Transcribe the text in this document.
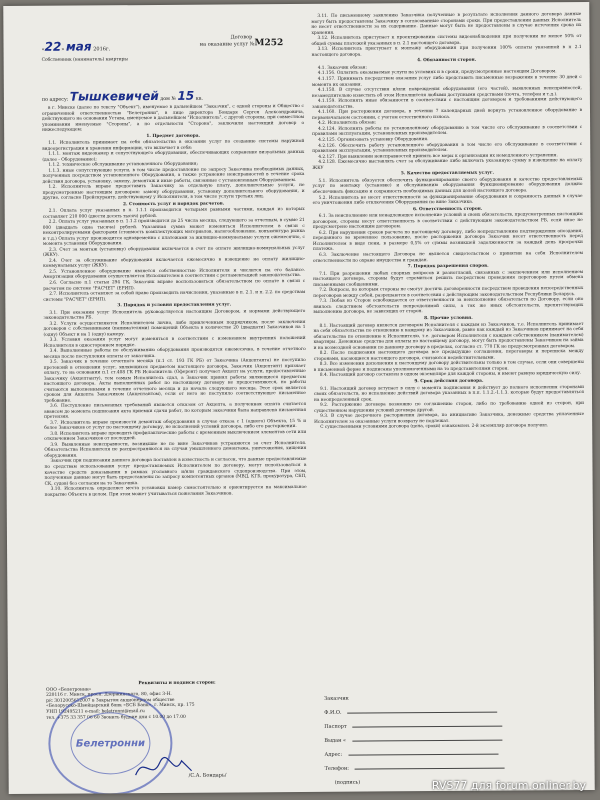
«22» мая 2016г.
Договор
на оказание услуг №М252
Собственник (наниматель) квартиры
по адресу: Тышкевичей дом № 15 кв.

в г. Минске (далее по тексту "Объект"), именуемое в дальнейшем "Заказчик", с одной стороны и Общество с ограниченной ответственностью "Белетронни", в лице директора Бондаря Сергея Александровича, действующего на основании Устава, именуемое в дальнейшем "Исполнитель", с другой стороны, при совместном упоминании именуемые "Стороны", а по отдельности "Сторона", заключили настоящий договор о нижеследующем:

1. Предмет договора.

1.1. Исполнитель принимает на себя обязательства в оказании услуг по созданию системы наружной видеорегистрации и хранения информации, что включает в себя:

1.1.1. монтаж видеокамер и сопутствующего оборудования, обеспечивающих сохранение визуальных данных (далее - Оборудование);

1.1.2. техническое обслуживание установленного Оборудования;

1.1.3. иные сопутствующие услуги, в том числе предоставление по запросу Заказчика необходимых данных, полученных посредством установленного Оборудования, а также устранение неисправностей в течение срока действия договора, установку, замену, демонтаж и иные работы, связанные с установленным Оборудованием.

1.2. Исполнитель вправе предоставить Заказчику за отдельную плату, дополнительные услуги, не предусмотренные настоящим договором: замену оборудования, установку дополнительного оборудования, и другие, согласно Прейскуранту, действующему у Исполнителя, в том числе услуги третьих лиц.

2. Стоимость услуг и порядок расчетов.

2.1. Оплата услуг указанных в п. 1.1.1 производится четырьмя равными частями, каждая из которых составляет 210 000 (двести десять тысяч) рублей.

2.2. Оплата услуг указанных в п. 1.1.2 производится до 25 числа месяца, следующего за отчетным, в сумме 21 000 (двадцать одна тысяча) рублей. Указанная сумма может изменяться Исполнителем в связи с неконтролируемыми факторами (стоимость комплектующих материалов, налогообложение, конъюнктура рынка и т.д.) Оплата услуг производится одновременно с платежами за жилищно-коммунальные услуги ежемесячно, с момента установки Оборудования.

2.3. Счет за монтаж (установку) оборудования включается в счет по оплате жилищно-коммунальных услуг (ЖКУ).

2.4. Счет за обслуживание оборудования включается ежемесячно в извещение на оплату жилищно-коммунальных услуг (ЖКУ).

2.5. Установленное оборудование является собственностью Исполнителя и числится на его балансе. Амортизация оборудования осуществляется Исполнителем в соответствии с регламентацией законодательства.

2.6. Согласно п.1 статьи 294 ГК, Заказчик вправе воспользоваться обязательством по оплате в связи с расчетом по системе "РАСЧЕТ" (ЕРИП).

2.7. Исполнитель оставляет за собой право производить начисления, указанные в п. 2.1. и п. 2.2. по средствам системы "РАСЧЕТ" (ЕРИП).

3. Порядок и условия предоставления услуг.

3.1. При оказании услуг Исполнитель руководствуется настоящим Договором, и нормами действующего законодательства РБ.

3.2. Услуги осуществляются Исполнителем лично, либо привлеченным подрядчиком, после заключения договоров с собственниками (нанимателями) помещений Объекта в количестве 20 (двадцати) Заказчиков на 1 (одну) Объект и на 1 (одну) камеру.

3.3. Условия оказания услуг могут изменяться в соответствии с изменением внутренних положений Исполнителя в одностороннем порядке.

3.4. Выполненные работы по обслуживанию оборудования производятся ежемесячно, в течение отчетного месяца после поступления оплаты от заказчика.

3.5. Заказчик в течение отчетного месяца (п.1 ст. 193 ГК РБ) от Заказчика (Акцептанта) не поступило претензий в отношении услуг, являющихся предметом настоящего договора, Заказчик (Акцептант) признает оплату, то на основании п.1 ст.408 ГК РБ Исполнитель (Оферент) получает Акцепт на услуги, предоставленные Заказчику (Акцептанту), тем самым Исполнитель сдал, а Заказчик принял работы являющиеся предметом настоящего договора. Акты выполненных работ по настоящему договору не предоставляются, но работы считаются выполненными в течение отчетного месяца и до начала следующего месяца. Этот срок является сроком для Акцепта Заказчиком (Акцептантом), если от него не поступило соответствующее письменное требование.

3.6. Поступление письменных требований является отказом от Акцепта, а полученная оплата считается авансом до момента подписания акта приемки сдачи работ, по которым заказчики была направлена письменная претензия.

3.7. Исполнитель вправе произвести демонтаж оборудования в случае отказа с 1 (одного) Объекта, 15 % и более Заказчиков от услуг по настоящему договору, не исполнений условий договора, либо его расторжении.

3.8. Исполнитель вправе проводить профилактические работы с временным выключением элементов сети или отключением Заказчиков от последней.

3.9. Выявленные неисправности, возникшие не по вине Заказчиков устраняются за счет Исполнителя. Обязательства Исполнителя не распространяются на случаи умышленного демонтажа, уничтожения, хищения оборудования.

Заказчик при подписании данного договора поставлен в известность и согласен, что данные предоставляемые по средствам использования услуг предоставляемых Исполнителем по договору, могут использоваться в качестве средств доказывания в рамках уголовного и/или гражданского судопроизводства. При этом, полученные данные могут быть предоставлены по запросу компетентных органов (МВД, КГБ, прокуратура, СБП, СК, судов) без согласия на то Заказчика.

3.10. Исполнитель определяет места установки камер самостоятельно и ориентируется на максимальное покрытие Объекта в целом. При этом может учитываться пожелания Заказчиков.

3.11. По письменному заявлению Заказчика полученные в результате исполнения данного договора данные могут быть предоставлены Заказчику в согласованные сторонами сроки. При предоставлении данных Исполнитель не несет ответственности за их содержание. Данные могут быть не предоставлены в случае истечения срока их хранения.

3.12. Исполнитель приступает к проектированию системы видеонаблюдения при получении не менее 50% от общей суммы платежей указанных в п. 2.1 настоящего договора.

3.13. Исполнитель приступает к монтажу оборудования при получении 100% оплаты указанной в п 2.1 настоящего договора.

4. Обязанности сторон.

4.1. Заказчик обязан:

4.1.156. Оплатить оказываемые услуги на условиях и в сроки, предусмотренные настоящим Договором.

4.1.157. Принимать посредством оказания услуг либо представить письменные возражения в течение 30 дней с момента их оказания.

4.1.158. В случае отсутствия и/или повреждения оборудования (его частей), выявленных неисправностей, незамедлительно известить об этом Исполнителя любыми доступными средствами (почта, телефон и т.д.).

4.1.159. Исполнять иные обязанности в соответствии с настоящим договором и требованиями действующего законодательства.

4.1.160. При расторжении договора, в течении 7 календарных дней вернуть установленное оборудование в первоначальном состоянии, с учетом естественного износа.

4.2. Исполнитель обязан:

4.2.124. Исполнять работы по установленному оборудованию в том числе его обслуживание в соответствии с правилами эксплуатации, установленных производителем.

4.2.125. Организовать установку Оборудования.

4.2.126. Обеспечить работу установленного оборудования в том числе его обслуживание в соответствии с правилами эксплуатации, установленных производителем.

4.2.127. При выявлении неисправностей принять все меры к организации их немедленного устранения.

4.2.128. Ежемесячно выставлять счет за обслуживание либо включать указанную сумму в извещение на оплату ЖКУ

5. Качество предоставляемых услуг.

5.1. Исполнитель обязуется обеспечить функционирование своего оборудования и качество предоставляемых услуг по монтажу (установке) и обслуживанию оборудования Функционирование оборудования должно обеспечивать фиксацию и сохранность необходимых данных для целей настоящего договора.

5.2. Исполнитель не несет ответственности за функционирование оборудования и сохранность данных в случае его уничтожения либо отключения Оборудования по вине Заказчика.

6. Ответственность сторон.

6.1. За неисполнение или ненадлежащее исполнение условий и своих обязательств, предусмотренных настоящим договором, стороны несут ответственность в соответствии с действующим законодательством РБ, если иное не предусмотрено настоящим договором.

6.2. При нарушении сроков расчета по настоящему договору, либо непредставлению подтверждения опоздания, переданного во временное пользование, после расторжения договора Заказчик несет ответственность перед Исполнителем в виде пени, в размере 0,5% от суммы возникшей задолженности за каждый день просрочки платежа.

6.3. Заключение настоящего Договора не является свидетельством о принятии на себя Исполнителем ответственности по охране имущества и граждан.

7. Порядок разрешения споров.

7.1. При разрешении любых спорных вопросов и разногласий, связанных с заключением или исполнением настоящего договора, стороны будут стремиться решить посредством проведения переговоров путем обмена письменными сообщениями.

7.2. Вопросы, по которым стороны не смогут достичь договоренности посредством проведения непосредственных переговоров между собой, разрешаются в соответствии с действующим законодательством Республики Беларусь.

7.3. Любая из Сторон освобождается от ответственности за неисполнение обязательств по Договору, если оно явилось следствием обстоятельств непреодолимой силы, а так же иных обстоятельств, препятствующих выполнению договора, не зависящих от сторон.

8. Прочие условия.

8.1. Настоящий договор является договором Исполнителя с каждым из Заказчиков, т.е. Исполнитель принимает на себя обязательства по отношению к каждому из Заказчиков, равно как каждый из Заказчиков принимает на себя обязательства по отношению к Исполнителю, т.е. договором Исполнителя с каждым собственником (нанимателем) квартиры. Денежные средства для оплаты по настоящему договору, могут быть предоставлены Заказчиком на займа и на возмездной основании по данному договору в пределах, согласно ст. 770 ГК не предусмотренных договором.

8.2. После подписания настоящего договора все предыдущие соглашения, переговоры и переписка между сторонами, касающиеся настоящего договора, считаются недействительными.

8.3. Все изменения дополнения к настоящему договору действительны только в том случае, если они совершены в письменной форме и подписаны уполномоченными на то представителями сторон.

8.4. Настоящий договор составлен в одном экземпляре для каждой стороны, и имеют равную юридическую силу.

9. Срок действия договора.

9.1. Настоящий договор вступает в силу с момента подписания и действует до полного исполнения сторонами своих обязательств, но исполнение действий договора указанных в п.п. 1.1.2.-1.1.3. которые будут предоставляться на неопределенный срок.

9.2. Расторжение договора возможно по соглашению сторон, либо по требованию одной из сторон, при существенном нарушении условий договора другой.

9.3. В случае досрочного расторжения договора, по инициативе Заказчика, денежные средства уплаченные Исполнителем за оказанные услуги возврату не подлежат.

С существенными условиями договора (цена, сроки) ознакомлен. 2-й экземпляр договора получил.

Реквизиты и подписи сторон:
ООО «Белетронни»
220116 г. Минск, просп. Дзержинского, 80, офис 3-Н.
р/с 3012005612007 в Закрытом акционерном обществе
«Белорусско-Швейцарский банк «БСБ Банк», г. Минск, пр. 175
УНП 192495211 e-mail: beletronni@mail.ru
тел. +375 33 357 06 60 Звонить будние дни с 10.00 до 17.00
Белетронни
/С.А. Бондарь/
Заказчик
Ф.И.О.
Паспорт
Выдан «
Адрес:
Телефон:
(подпись)	RVS77 для forum.onliner.by
